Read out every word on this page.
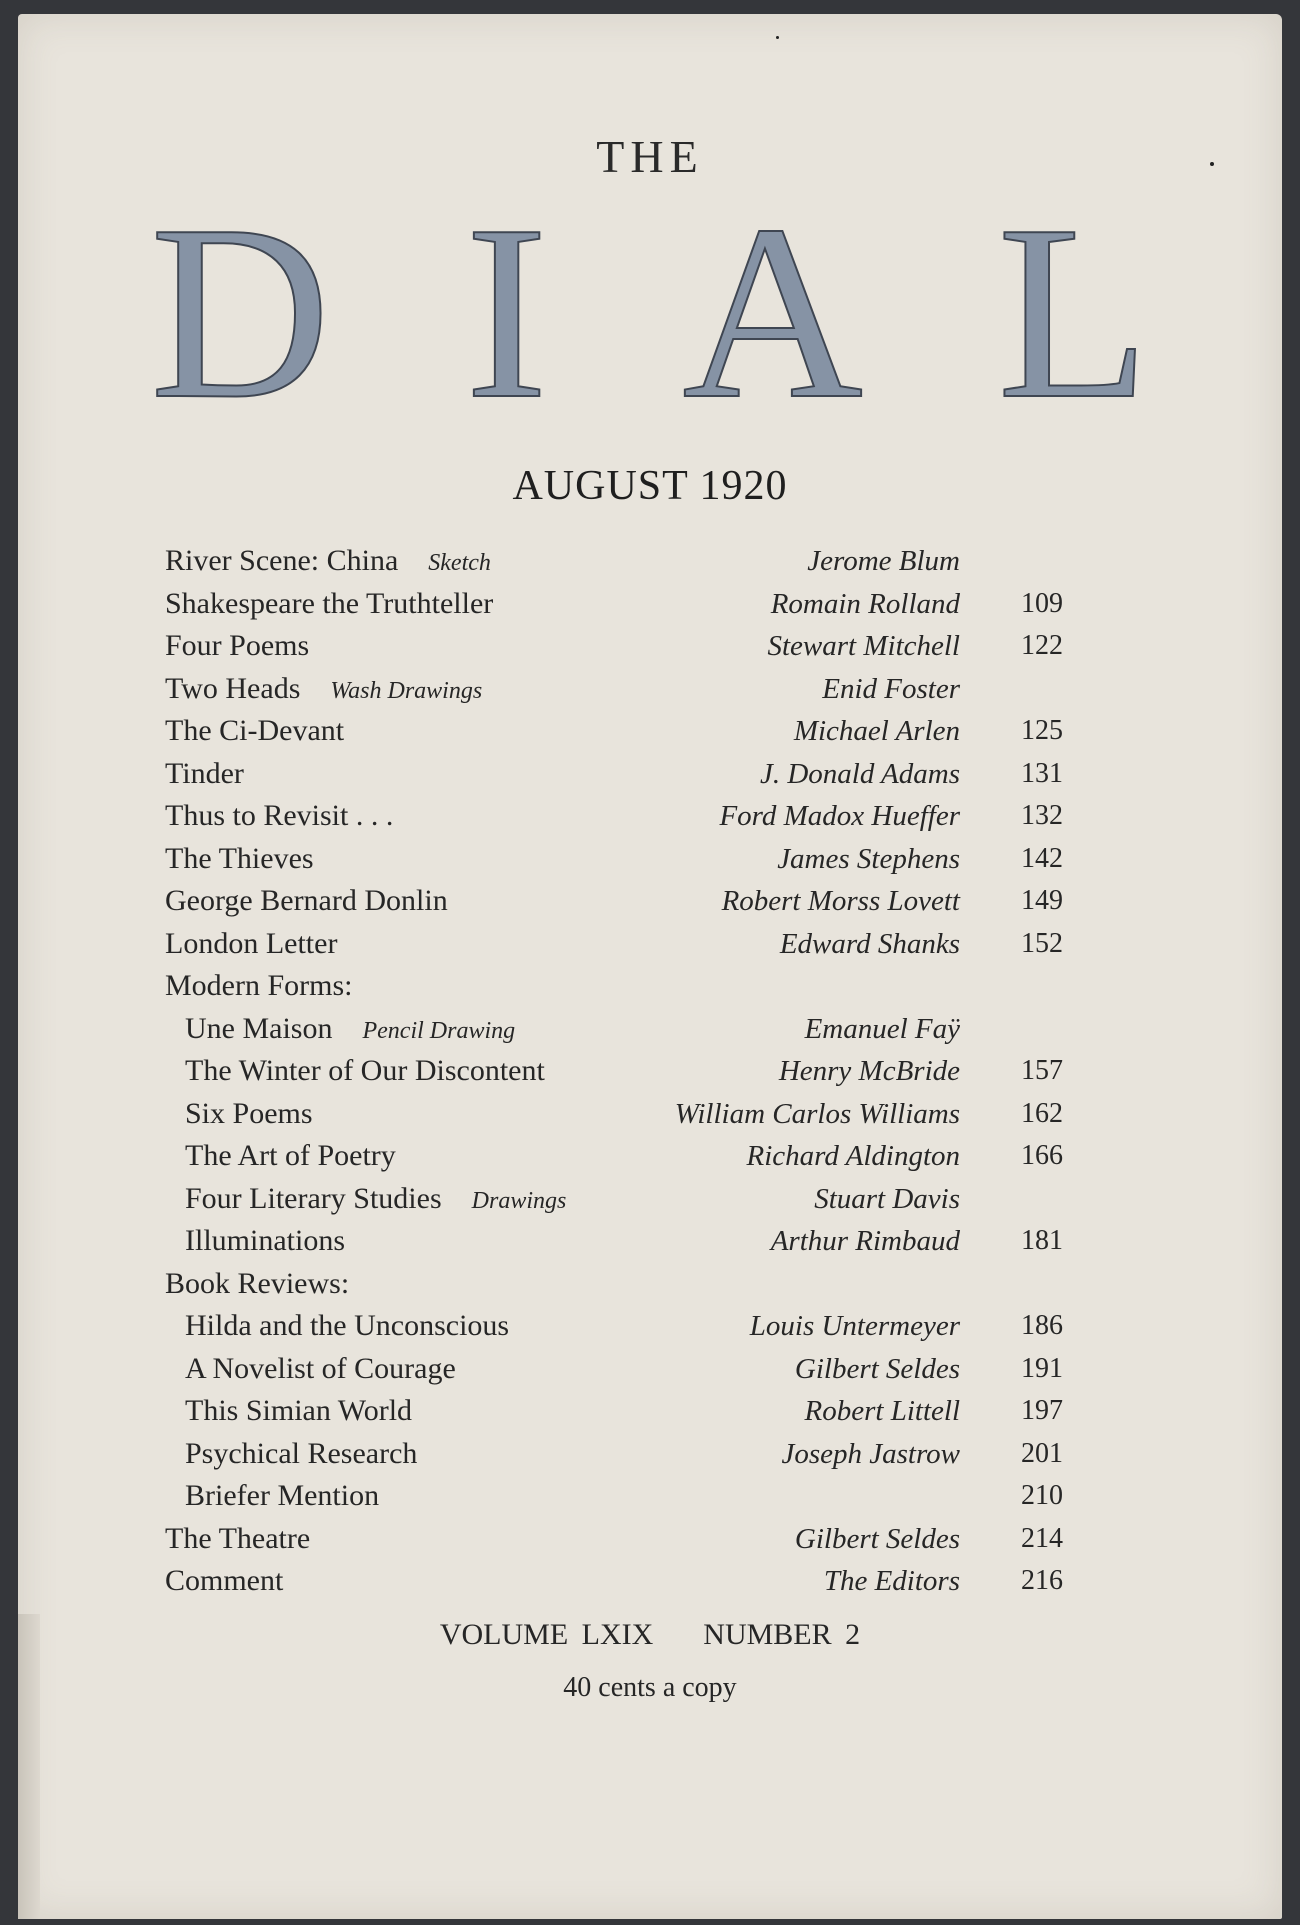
THE
D I A L
AUGUST 1920
River Scene: China Sketch	Jerome Blum
Shakespeare the Truthteller	Romain Rolland 109
Four Poems	Stewart Mitchell 122
Two Heads Wash Drawings	Enid Foster
The Ci-Devant	Michael Arlen 125
Tinder	J. Donald Adams 131
Thus to Revisit . . .	Ford Madox Hueffer 132
The Thieves	James Stephens 142
George Bernard Donlin	Robert Morss Lovett 149
London Letter	Edward Shanks 152
Modern Forms:
Une Maison Pencil Drawing	Emanuel Faÿ
The Winter of Our Discontent	Henry McBride 157
Six Poems	William Carlos Williams 162
The Art of Poetry	Richard Aldington 166
Four Literary Studies Drawings	Stuart Davis
Illuminations	Arthur Rimbaud 181
Book Reviews:
Hilda and the Unconscious	Louis Untermeyer 186
A Novelist of Courage	Gilbert Seldes 191
This Simian World	Robert Littell 197
Psychical Research	Joseph Jastrow 201
Briefer Mention	210
The Theatre	Gilbert Seldes 214
Comment	The Editors 216
VOLUME LXIX NUMBER 2
40 cents a copy
